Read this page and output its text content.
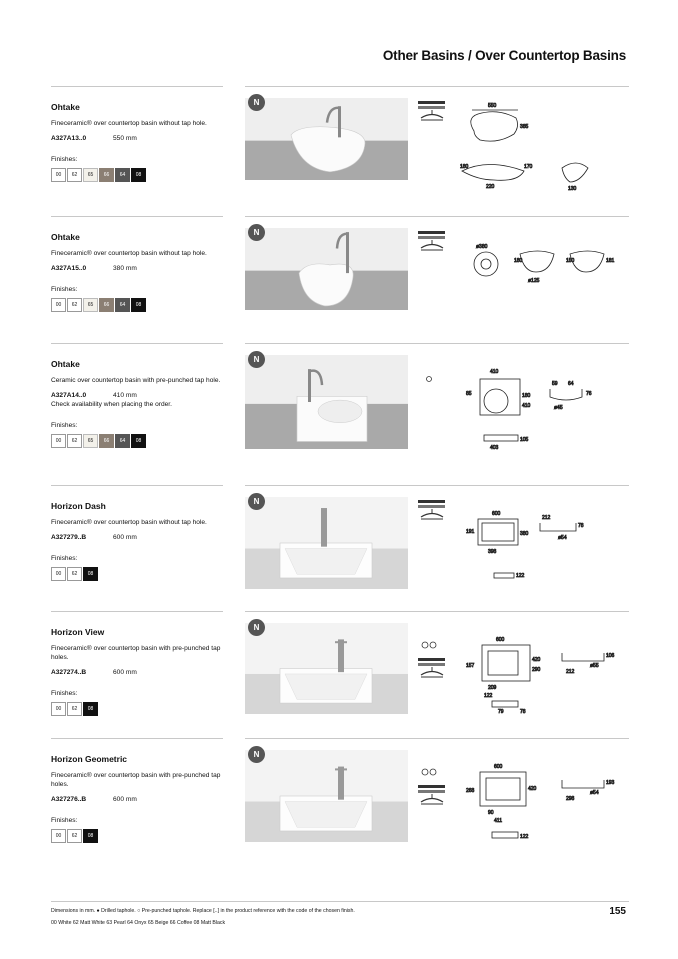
Other Basins / Over Countertop Basins
Ohtake
Fineceramic® over countertop basin without tap hole.
A327A13..0	550 mm
Finishes:
00	62	65	66	64	08
N	550
385
180	170
220	130
Ohtake
Fineceramic® over countertop basin without tap hole.
A327A15..0	380 mm
Finishes:
00	62	65	66	64	08
N
ø380
180
ø125
150	181
Ohtake
Ceramic over countertop basin with pre-punched tap hole.
A327A14..0	410 mm
Check availability when placing the order.
Finishes:
00	62	65	66	64	08
N
410
85	180
410
59 64
76
ø45
105
403
Horizon Dash
Fineceramic® over countertop basin without tap hole.
A327279..B	600 mm
Finishes:
00	62	08
N
600
191	380
398
212
78
ø54
122
Horizon View
Fineceramic® over countertop basin with pre-punched tap holes.
A327274..B	600 mm
Finishes:
00	62	08
N
600
157
420
290
209
106
ø55
212
122
79	78
Horizon Geometric
Fineceramic® over countertop basin with pre-punched tap holes.
A327276..B	600 mm
Finishes:
00	62	08
N
600
268	420
90
411
193
ø54
298
122
Dimensions in mm. ● Drilled taphole. ○ Pre-punched taphole. Replace [..] in the product reference with the code of the chosen finish.
00 White 62 Matt White 63 Pearl 64 Onyx 65 Beige 66 Coffee 08 Matt Black
155
